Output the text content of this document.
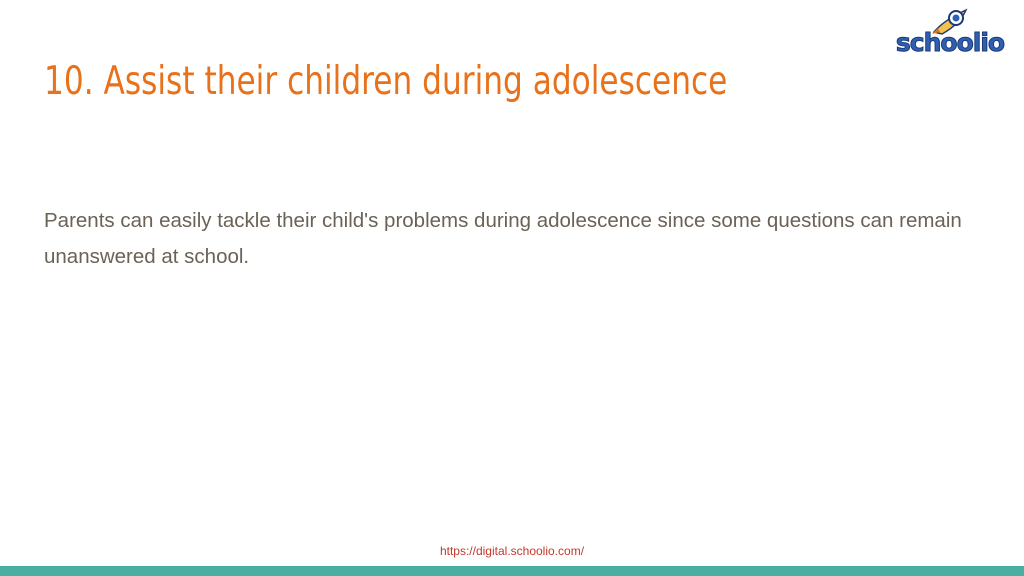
schoolio
10. Assist their children during adolescence

Parents can easily tackle their child's problems during adolescence since some questions can remain unanswered at school.

https://digital.schoolio.com/
